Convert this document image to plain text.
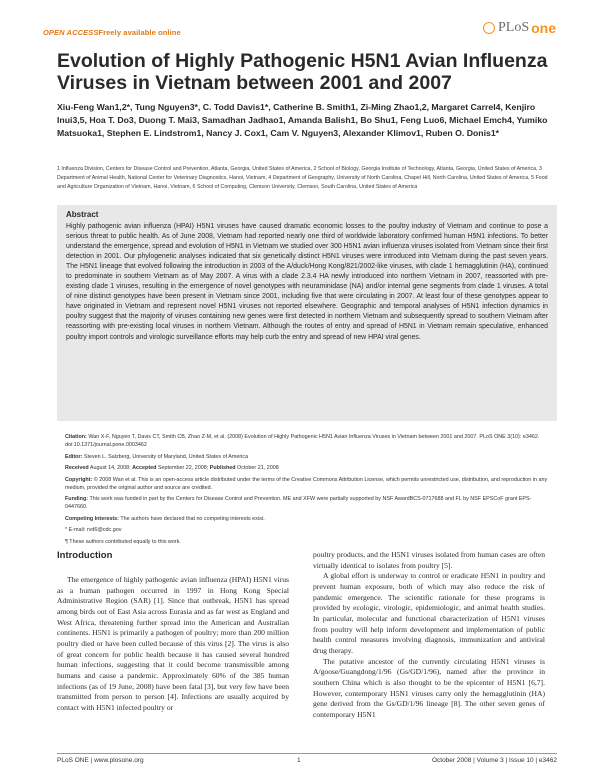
OPEN ACCESS Freely available online	PLoS one
Evolution of Highly Pathogenic H5N1 Avian Influenza Viruses in Vietnam between 2001 and 2007
Xiu-Feng Wan1,2*, Tung Nguyen3*, C. Todd Davis1*, Catherine B. Smith1, Zi-Ming Zhao1,2, Margaret Carrel4, Kenjiro Inui3,5, Hoa T. Do3, Duong T. Mai3, Samadhan Jadhao1, Amanda Balish1, Bo Shu1, Feng Luo6, Michael Emch4, Yumiko Matsuoka1, Stephen E. Lindstrom1, Nancy J. Cox1, Cam V. Nguyen3, Alexander Klimov1, Ruben O. Donis1*
1 Influenza Division, Centers for Disease Control and Prevention, Atlanta, Georgia, United States of America, 2 School of Biology, Georgia Institute of Technology, Atlanta, Georgia, United States of America, 3 Department of Animal Health, National Center for Veterinary Diagnostics, Hanoi, Vietnam, 4 Department of Geography, University of North Carolina, Chapel Hill, North Carolina, United States of America, 5 Food and Agriculture Organization of Vietnam, Hanoi, Vietnam, 6 School of Computing, Clemson University, Clemson, South Carolina, United States of America
Abstract
Highly pathogenic avian influenza (HPAI) H5N1 viruses have caused dramatic economic losses to the poultry industry of Vietnam and continue to pose a serious threat to public health. As of June 2008, Vietnam had reported nearly one third of worldwide laboratory confirmed human H5N1 infections. To better understand the emergence, spread and evolution of H5N1 in Vietnam we studied over 300 H5N1 avian influenza viruses isolated from Vietnam since their first detection in 2001. Our phylogenetic analyses indicated that six genetically distinct H5N1 viruses were introduced into Vietnam during the past seven years. The H5N1 lineage that evolved following the introduction in 2003 of the A/duck/Hong Kong/821/2002-like viruses, with clade 1 hemagglutinin (HA), continued to predominate in southern Vietnam as of May 2007. A virus with a clade 2.3.4 HA newly introduced into northern Vietnam in 2007, reassorted with pre-existing clade 1 viruses, resulting in the emergence of novel genotypes with neuraminidase (NA) and/or internal gene segments from clade 1 viruses. A total of nine distinct genotypes have been present in Vietnam since 2001, including five that were circulating in 2007. At least four of these genotypes appear to have originated in Vietnam and represent novel H5N1 viruses not reported elsewhere. Geographic and temporal analyses of H5N1 infection dynamics in poultry suggest that the majority of viruses containing new genes were first detected in northern Vietnam and subsequently spread to southern Vietnam after reassorting with pre-existing local viruses in northern Vietnam. Although the routes of entry and spread of H5N1 in Vietnam remain speculative, enhanced poultry import controls and virologic surveillance efforts may help curb the entry and spread of new HPAI viral genes.

Citation: Wan X-F, Nguyen T, Davis CT, Smith CB, Zhao Z-M, et al. (2008) Evolution of Highly Pathogenic H5N1 Avian Influenza Viruses in Vietnam between 2001 and 2007. PLoS ONE 3(10): e3462. doi:10.1371/journal.pone.0003462

Editor: Steven L. Salzberg, University of Maryland, United States of America

Received August 14, 2008; Accepted September 22, 2008; Published October 21, 2008

Copyright: © 2008 Wan et al. This is an open-access article distributed under the terms of the Creative Commons Attribution License, which permits unrestricted use, distribution, and reproduction in any medium, provided the original author and source are credited.

Funding: This work was funded in part by the Centers for Disease Control and Prevention. ME and XFW were partially supported by NSF AwardBCS-0717688 and FL by NSF EPSCoF grant EPS-0447660.

Competing Interests: The authors have declared that no competing interests exist.

* E-mail: rvd6@cdc.gov

¶ These authors contributed equally to this work.

Introduction

The emergence of highly pathogenic avian influenza (HPAI) H5N1 virus as a human pathogen occurred in 1997 in Hong Kong Special Administrative Region (SAR) [1]. Since that outbreak, H5N1 has spread among birds out of East Asia across Eurasia and as far west as England and West Africa, threatening further spread into the American and Australian continents. H5N1 is primarily a pathogen of poultry; more than 200 million poultry died or have been culled because of this virus [2]. The virus is also of great concern for public health because it has caused several hundred human infections, suggesting that it could become transmissible among humans and cause a pandemic. Approximately 60% of the 385 human infections (as of 19 June, 2008) have been fatal [3], but very few have been transmitted from person to person [4]. Infections are usually acquired by contact with H5N1 infected poultry or

poultry products, and the H5N1 viruses isolated from human cases are often virtually identical to isolates from poultry [5].

A global effort is underway to control or eradicate H5N1 in poultry and prevent human exposure, both of which may also reduce the risk of pandemic emergence. The scientific rationale for these programs is provided by ecologic, virologic, epidemiologic, and animal health studies. In particular, molecular and functional characterization of H5N1 viruses from poultry will help inform development and implementation of public health control measures involving diagnosis, immunization and antiviral drug therapy.

The putative ancestor of the currently circulating H5N1 viruses is A/goose/Guangdong/1/96 (Gs/GD/1/96), named after the province in southern China which is also thought to be the epicenter of H5N1 [6,7]. However, contemporary H5N1 viruses carry only the hemagglutinin (HA) gene derived from the Gs/GD/1/96 lineage [8]. The other seven genes of contemporary H5N1

PLoS ONE | www.plosone.org	1	October 2008 | Volume 3 | Issue 10 | e3462
